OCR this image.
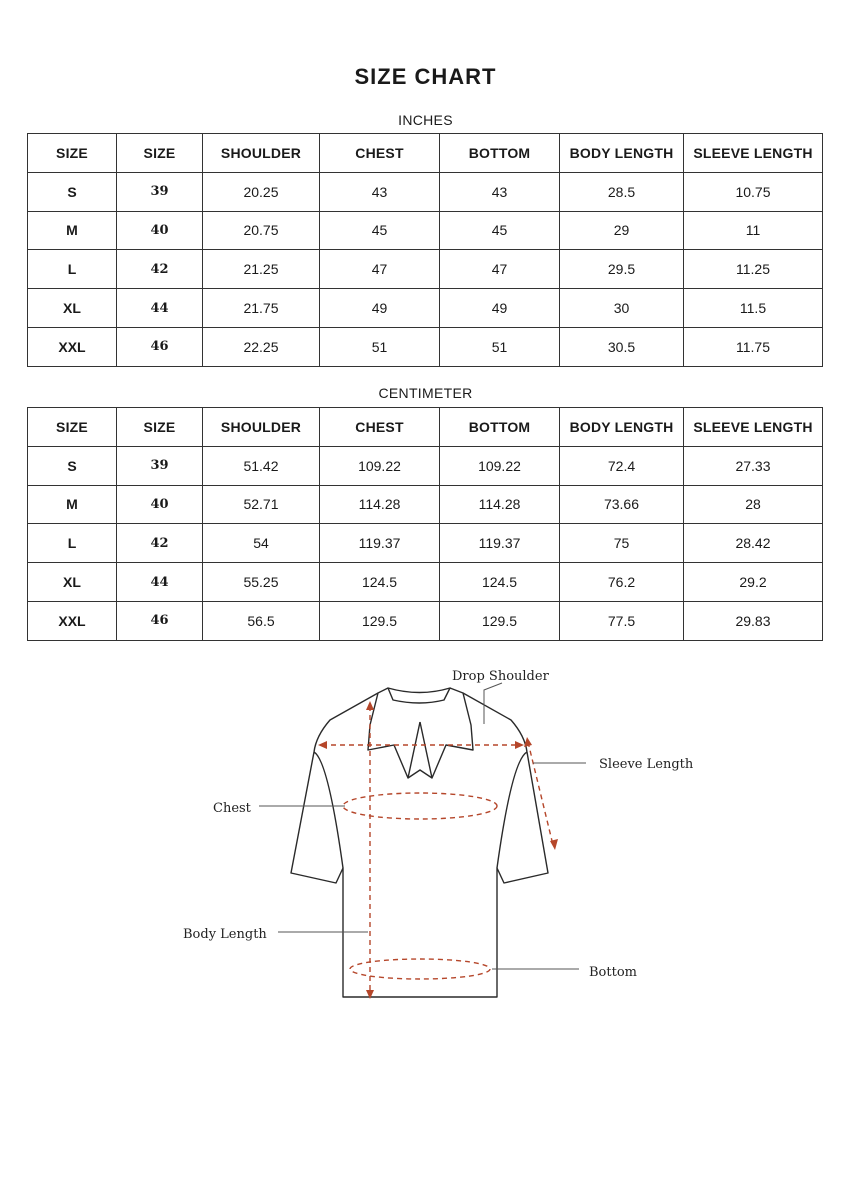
SIZE CHART
INCHES
SIZE	SIZE	SHOULDER	CHEST	BOTTOM	BODY LENGTH	SLEEVE LENGTH
S	39	20.25	43	43	28.5	10.75
M	40	20.75	45	45	29	11
L	42	21.25	47	47	29.5	11.25
XL	44	21.75	49	49	30	11.5
XXL	46	22.25	51	51	30.5	11.75
CENTIMETER
SIZE	SIZE	SHOULDER	CHEST	BOTTOM	BODY LENGTH	SLEEVE LENGTH
S	39	51.42	109.22	109.22	72.4	27.33
M	40	52.71	114.28	114.28	73.66	28
L	42	54	119.37	119.37	75	28.42
XL	44	55.25	124.5	124.5	76.2	29.2
XXL	46	56.5	129.5	129.5	77.5	29.83
Drop Shoulder
Sleeve Length
Chest
Body Length
Bottom
